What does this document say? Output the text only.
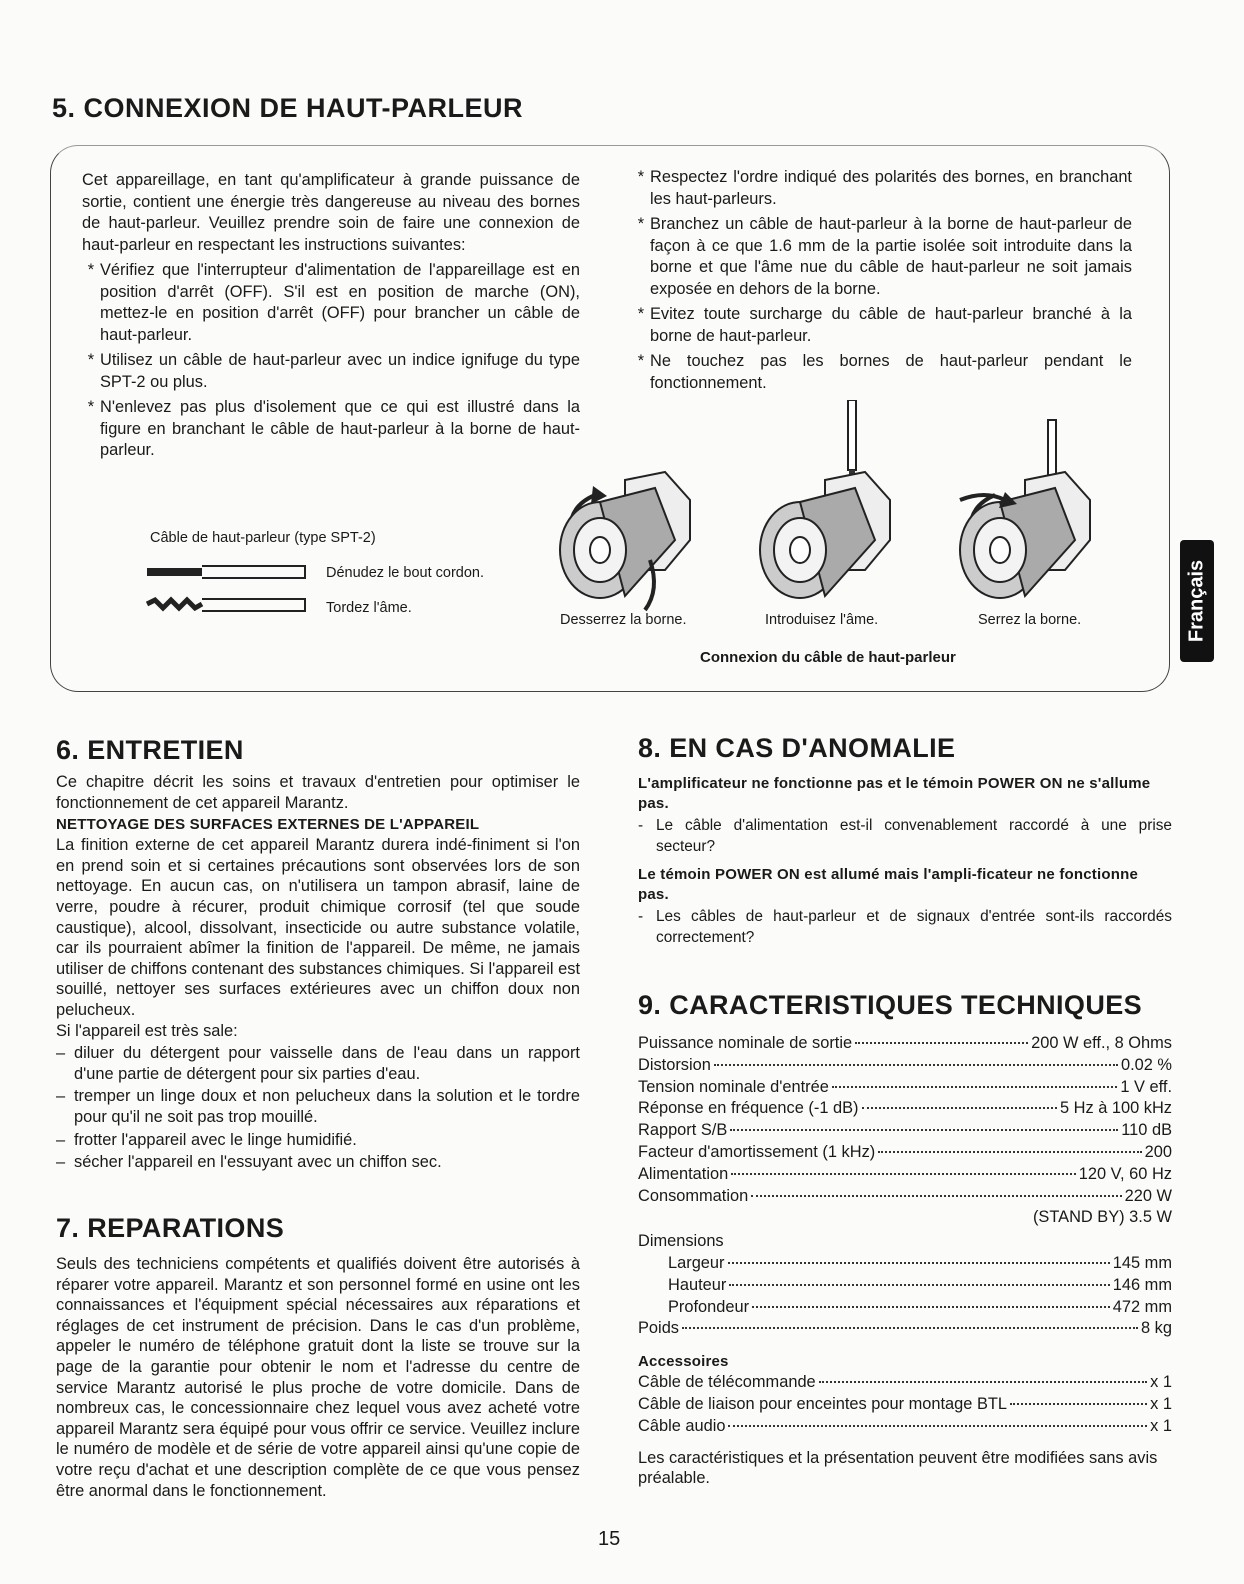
5. CONNEXION DE HAUT-PARLEUR

Cet appareillage, en tant qu'amplificateur à grande puissance de sortie, contient une énergie très dangereuse au niveau des bornes de haut-parleur. Veuillez prendre soin de faire une connexion de haut-parleur en respectant les instructions suivantes:

* Vérifiez que l'interrupteur d'alimentation de l'appareillage est en position d'arrêt (OFF). S'il est en position de marche (ON), mettez-le en position d'arrêt (OFF) pour brancher un câble de haut-parleur.
* Utilisez un câble de haut-parleur avec un indice ignifuge du type SPT-2 ou plus.
* N'enlevez pas plus d'isolement que ce qui est illustré dans la figure en branchant le câble de haut-parleur à la borne de haut-parleur.
* Respectez l'ordre indiqué des polarités des bornes, en branchant les haut-parleurs.
* Branchez un câble de haut-parleur à la borne de haut-parleur de façon à ce que 1.6 mm de la partie isolée soit introduite dans la borne et que l'âme nue du câble de haut-parleur ne soit jamais exposée en dehors de la borne.
* Evitez toute surcharge du câble de haut-parleur branché à la borne de haut-parleur.
* Ne touchez pas les bornes de haut-parleur pendant le fonctionnement.
Câble de haut-parleur (type SPT-2)
Dénudez le bout cordon.
Tordez l'âme.
Desserrez la borne.	Introduisez l'âme.	Serrez la borne.
Connexion du câble de haut-parleur
Français
6. ENTRETIEN

Ce chapitre décrit les soins et travaux d'entretien pour optimiser le fonctionnement de cet appareil Marantz.

NETTOYAGE DES SURFACES EXTERNES DE L'APPAREIL

La finition externe de cet appareil Marantz durera indé-finiment si l'on en prend soin et si certaines précautions sont observées lors de son nettoyage. En aucun cas, on n'utilisera un tampon abrasif, laine de verre, poudre à récurer, produit chimique corrosif (tel que soude caustique), alcool, dissolvant, insecticide ou autre substance volatile, car ils pourraient abîmer la finition de l'appareil. De même, ne jamais utiliser de chiffons contenant des substances chimiques. Si l'appareil est souillé, nettoyer ses surfaces extérieures avec un chiffon doux non pelucheux.

Si l'appareil est très sale:

– diluer du détergent pour vaisselle dans de l'eau dans un rapport d'une partie de détergent pour six parties d'eau.
– tremper un linge doux et non pelucheux dans la solution et le tordre pour qu'il ne soit pas trop mouillé.
– frotter l'appareil avec le linge humidifié.
– sécher l'appareil en l'essuyant avec un chiffon sec.
7. REPARATIONS

Seuls des techniciens compétents et qualifiés doivent être autorisés à réparer votre appareil. Marantz et son personnel formé en usine ont les connaissances et l'équipment spécial nécessaires aux réparations et réglages de cet instrument de précision. Dans le cas d'un problème, appeler le numéro de téléphone gratuit dont la liste se trouve sur la page de la garantie pour obtenir le nom et l'adresse du centre de service Marantz autorisé le plus proche de votre domicile. Dans de nombreux cas, le concessionnaire chez lequel vous avez acheté votre appareil Marantz sera équipé pour vous offrir ce service. Veuillez inclure le numéro de modèle et de série de votre appareil ainsi qu'une copie de votre reçu d'achat et une description complète de ce que vous pensez être anormal dans le fonctionnement.

8. EN CAS D'ANOMALIE
L'amplificateur ne fonctionne pas et le témoin POWER ON ne s'allume pas.
- Le câble d'alimentation est-il convenablement raccordé à une prise secteur?
Le témoin POWER ON est allumé mais l'ampli-ficateur ne fonctionne pas.
- Les câbles de haut-parleur et de signaux d'entrée sont-ils raccordés correctement?
9. CARACTERISTIQUES TECHNIQUES
Puissance nominale de sortie	200 W eff., 8 Ohms
Distorsion	0.02 %
Tension nominale d'entrée	1 V eff.
Réponse en fréquence (-1 dB)	5 Hz à 100 kHz
Rapport S/B	110 dB
Facteur d'amortissement (1 kHz)	200
Alimentation	120 V, 60 Hz
Consommation	220 W
(STAND BY) 3.5 W
Dimensions
Largeur	145 mm
Hauteur	146 mm
Profondeur	472 mm
Poids	8 kg
Accessoires
Câble de télécommande	x 1
Câble de liaison pour enceintes pour montage BTL	x 1
Câble audio	x 1

Les caractéristiques et la présentation peuvent être modifiées sans avis préalable.

15
